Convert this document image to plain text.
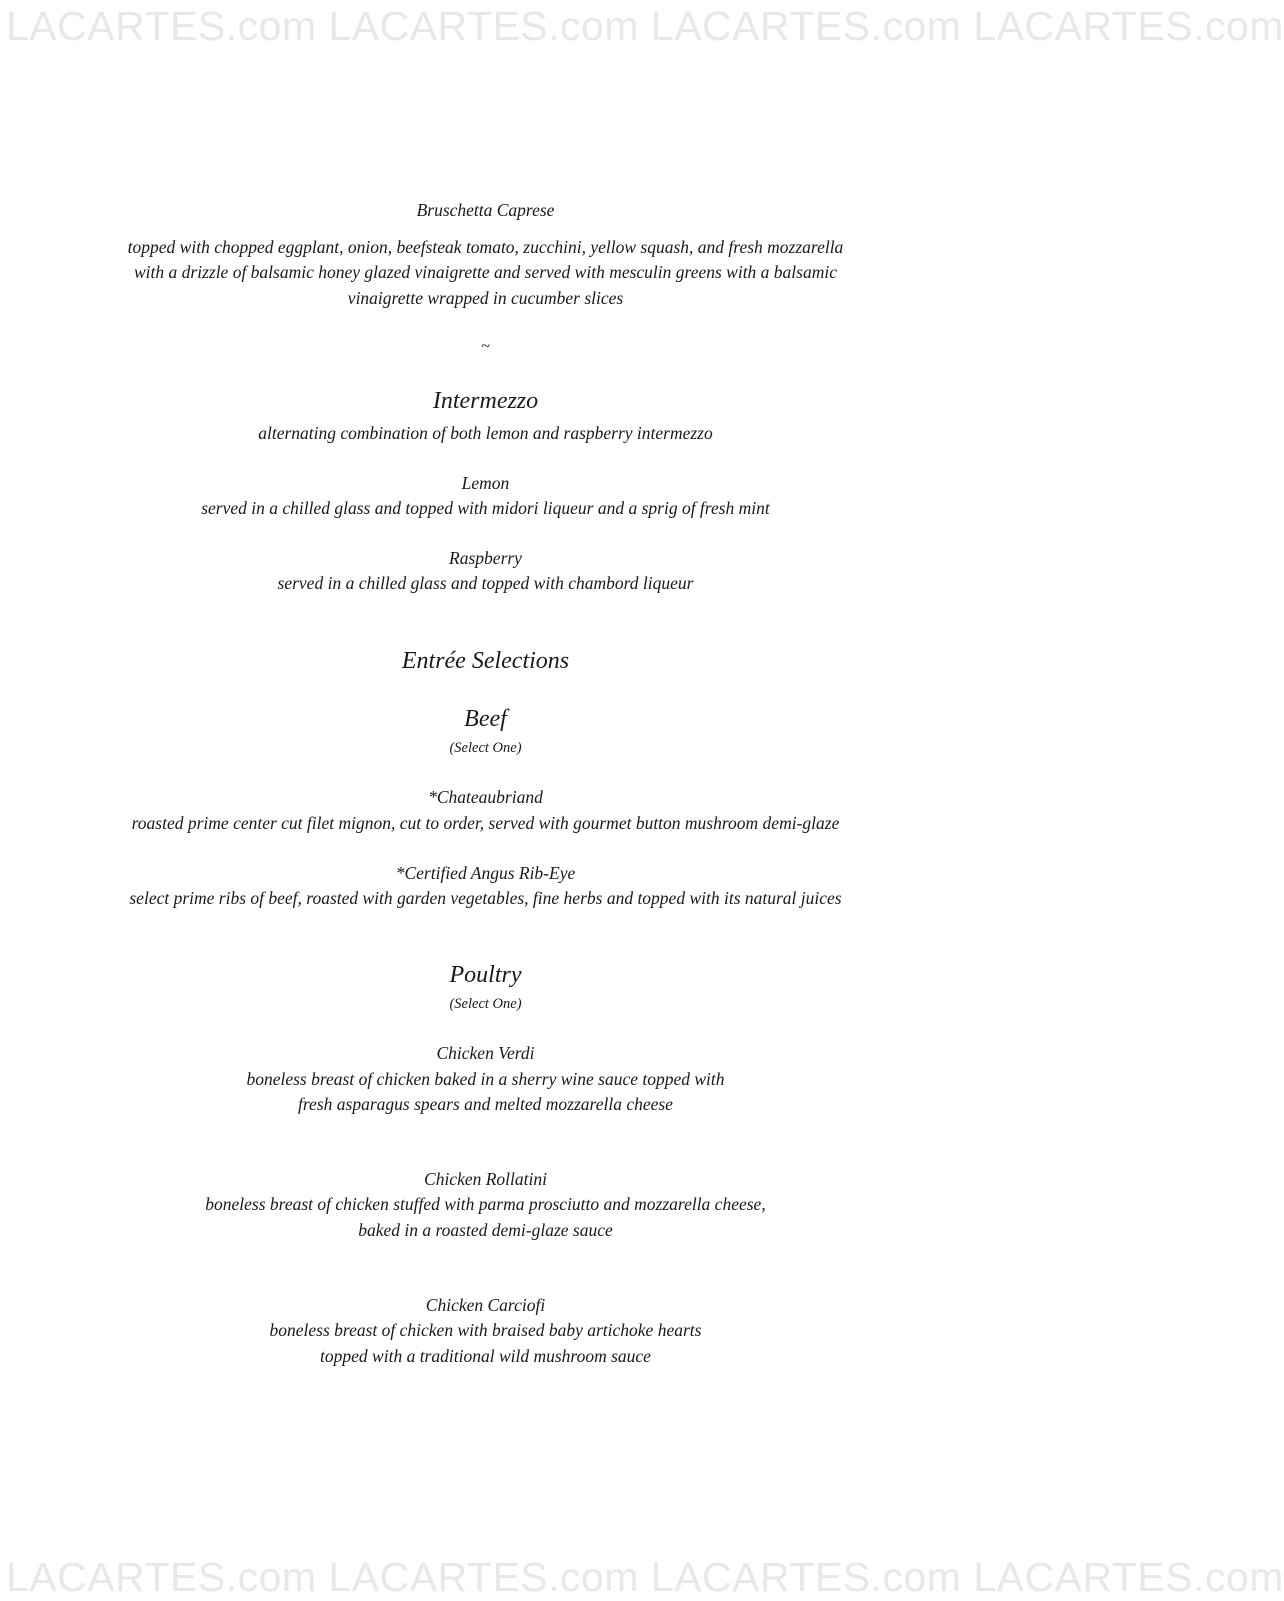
LACARTES.com LACARTES.com LACARTES.com LACARTES.com
Bruschetta Caprese
topped with chopped eggplant, onion, beefsteak tomato, zucchini, yellow squash, and fresh mozzarella
with a drizzle of balsamic honey glazed vinaigrette and served with mesculin greens with a balsamic
vinaigrette wrapped in cucumber slices
~
Intermezzo
alternating combination of both lemon and raspberry intermezzo
Lemon
served in a chilled glass and topped with midori liqueur and a sprig of fresh mint
Raspberry
served in a chilled glass and topped with chambord liqueur
Entrée Selections
Beef
(Select One)
*Chateaubriand
roasted prime center cut filet mignon, cut to order, served with gourmet button mushroom demi-glaze
*Certified Angus Rib-Eye
select prime ribs of beef, roasted with garden vegetables, fine herbs and topped with its natural juices
Poultry
(Select One)
Chicken Verdi
boneless breast of chicken baked in a sherry wine sauce topped with
fresh asparagus spears and melted mozzarella cheese
Chicken Rollatini
boneless breast of chicken stuffed with parma prosciutto and mozzarella cheese,
baked in a roasted demi-glaze sauce
Chicken Carciofi
boneless breast of chicken with braised baby artichoke hearts
topped with a traditional wild mushroom sauce
LACARTES.com LACARTES.com LACARTES.com LACARTES.com
